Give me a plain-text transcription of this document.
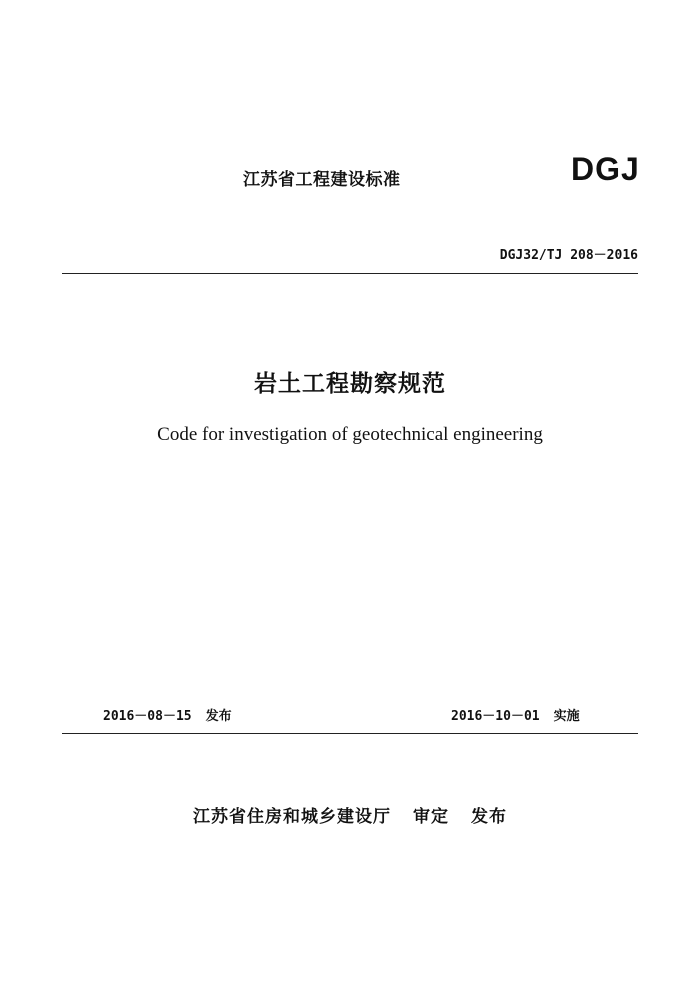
江苏省工程建设标准	DGJ
DGJ32/TJ 208－2016
岩土工程勘察规范
Code for investigation of geotechnical engineering
2016－08－15 发布	2016－10－01 实施
江苏省住房和城乡建设厅 审定 发布
